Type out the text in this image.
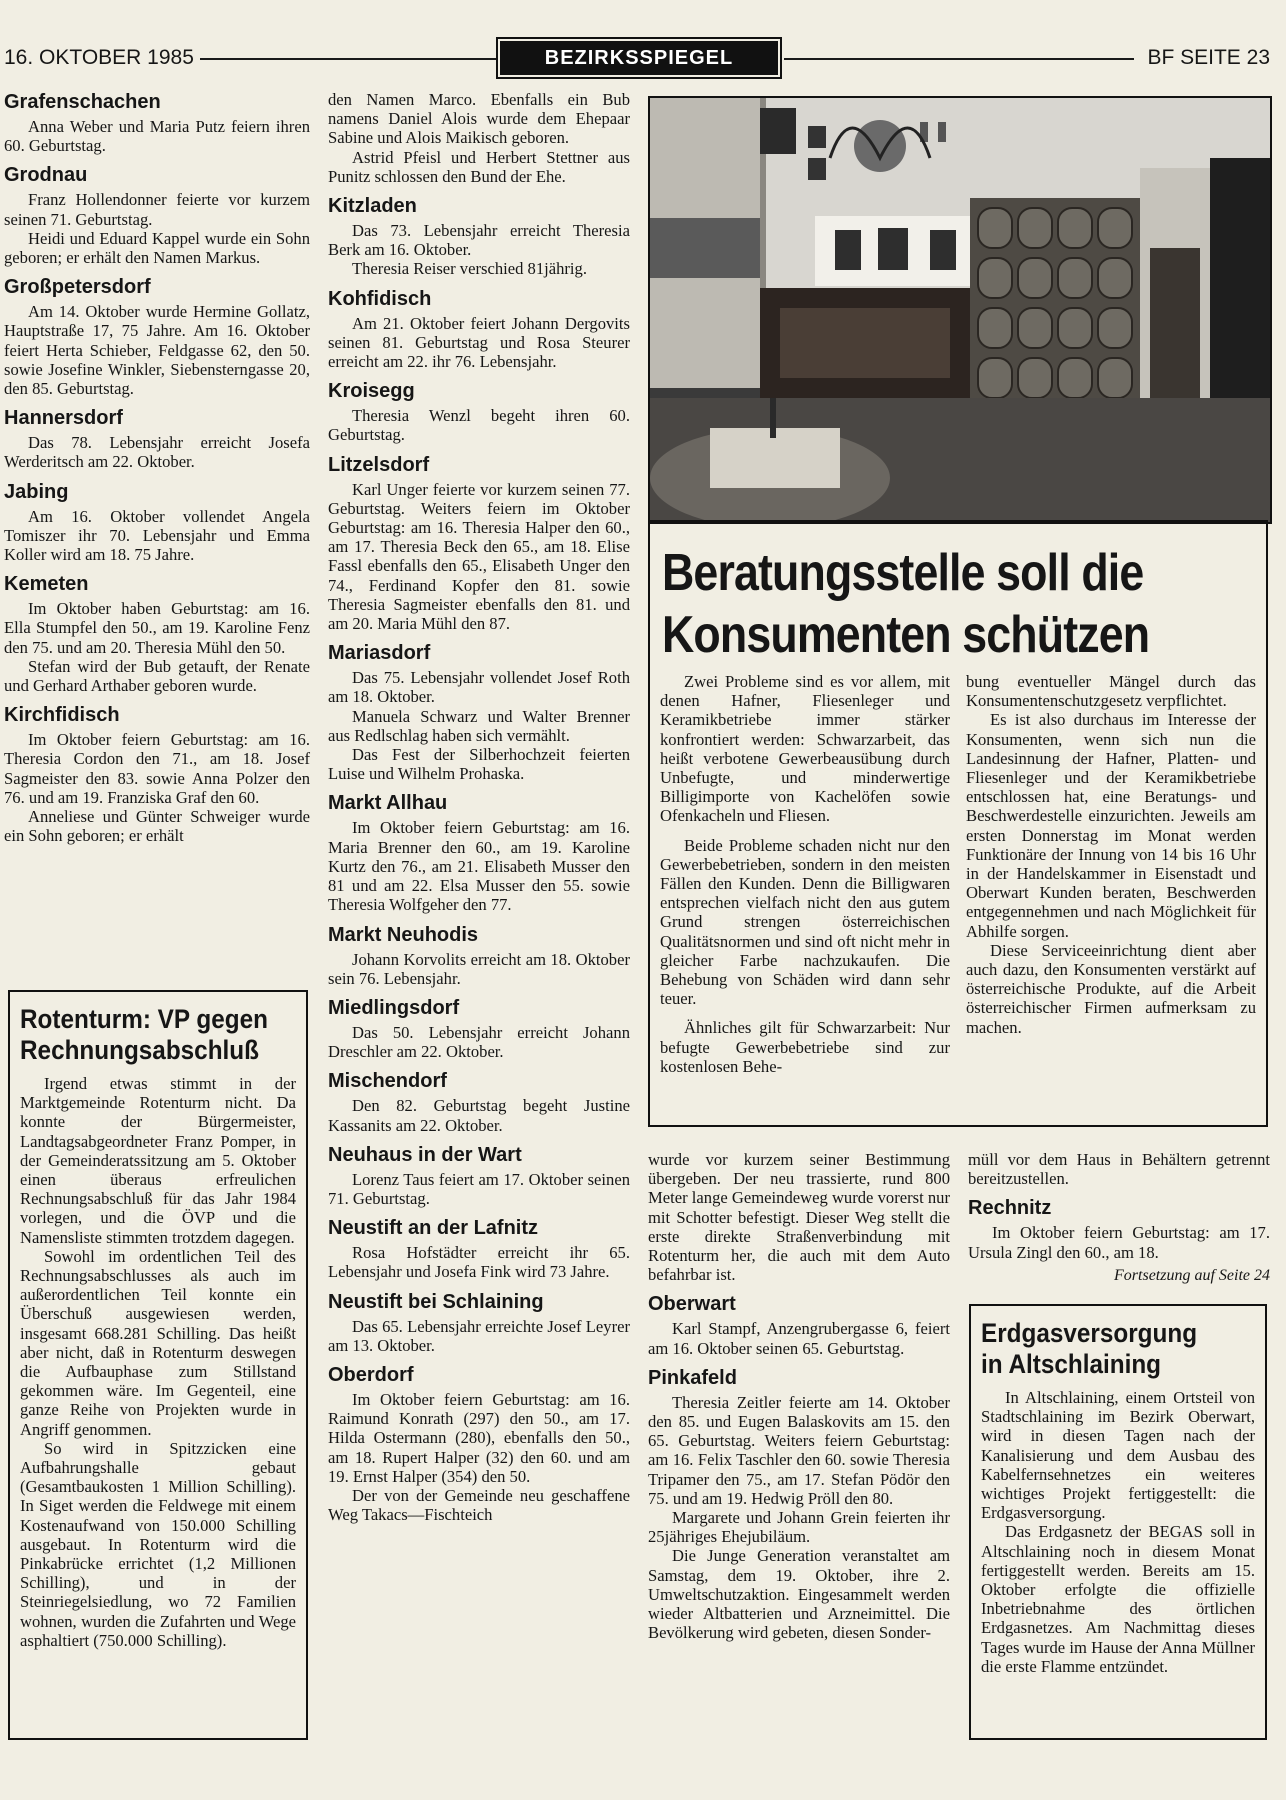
16. OKTOBER 1985	BEZIRKSSPIEGEL	BF SEITE 23
Grafenschachen

Anna Weber und Maria Putz feiern ihren 60. Geburtstag.

Grodnau

Franz Hollendonner feierte vor kurzem seinen 71. Geburtstag.

Heidi und Eduard Kappel wurde ein Sohn geboren; er erhält den Namen Markus.

Großpetersdorf

Am 14. Oktober wurde Hermine Gollatz, Hauptstraße 17, 75 Jahre. Am 16. Oktober feiert Herta Schieber, Feldgasse 62, den 50. sowie Josefine Winkler, Siebensterngasse 20, den 85. Geburtstag.

Hannersdorf

Das 78. Lebensjahr erreicht Josefa Werderitsch am 22. Oktober.

Jabing

Am 16. Oktober vollendet Angela Tomiszer ihr 70. Lebensjahr und Emma Koller wird am 18. 75 Jahre.

Kemeten

Im Oktober haben Geburtstag: am 16. Ella Stumpfel den 50., am 19. Karoline Fenz den 75. und am 20. Theresia Mühl den 50.

Stefan wird der Bub getauft, der Renate und Gerhard Arthaber geboren wurde.

Kirchfidisch

Im Oktober feiern Geburtstag: am 16. Theresia Cordon den 71., am 18. Josef Sagmeister den 83. sowie Anna Polzer den 76. und am 19. Franziska Graf den 60.

Anneliese und Günter Schweiger wurde ein Sohn geboren; er erhält

Rotenturm: VP gegen
Rechnungsabschluß

Irgend etwas stimmt in der Marktgemeinde Rotenturm nicht. Da konnte der Bürgermeister, Landtagsabgeordneter Franz Pomper, in der Gemeinderatssitzung am 5. Oktober einen überaus erfreulichen Rechnungsabschluß für das Jahr 1984 vorlegen, und die ÖVP und die Namensliste stimmten trotzdem dagegen.

Sowohl im ordentlichen Teil des Rechnungsabschlusses als auch im außerordentlichen Teil konnte ein Überschuß ausgewiesen werden, insgesamt 668.281 Schilling. Das heißt aber nicht, daß in Rotenturm deswegen die Aufbauphase zum Stillstand gekommen wäre. Im Gegenteil, eine ganze Reihe von Projekten wurde in Angriff genommen.

So wird in Spitzzicken eine Aufbahrungshalle gebaut (Gesamtbaukosten 1 Million Schilling). In Siget werden die Feldwege mit einem Kostenaufwand von 150.000 Schilling ausgebaut. In Rotenturm wird die Pinkabrücke errichtet (1,2 Millionen Schilling), und in der Steinriegelsiedlung, wo 72 Familien wohnen, wurden die Zufahrten und Wege asphaltiert (750.000 Schilling).

den Namen Marco. Ebenfalls ein Bub namens Daniel Alois wurde dem Ehepaar Sabine und Alois Maikisch geboren.

Astrid Pfeisl und Herbert Stettner aus Punitz schlossen den Bund der Ehe.

Kitzladen

Das 73. Lebensjahr erreicht Theresia Berk am 16. Oktober.

Theresia Reiser verschied 81jährig.

Kohfidisch

Am 21. Oktober feiert Johann Dergovits seinen 81. Geburtstag und Rosa Steurer erreicht am 22. ihr 76. Lebensjahr.

Kroisegg

Theresia Wenzl begeht ihren 60. Geburtstag.

Litzelsdorf

Karl Unger feierte vor kurzem seinen 77. Geburtstag. Weiters feiern im Oktober Geburtstag: am 16. Theresia Halper den 60., am 17. Theresia Beck den 65., am 18. Elise Fassl ebenfalls den 65., Elisabeth Unger den 74., Ferdinand Kopfer den 81. sowie Theresia Sagmeister ebenfalls den 81. und am 20. Maria Mühl den 87.

Mariasdorf

Das 75. Lebensjahr vollendet Josef Roth am 18. Oktober.

Manuela Schwarz und Walter Brenner aus Redlschlag haben sich vermählt.

Das Fest der Silberhochzeit feierten Luise und Wilhelm Prohaska.

Markt Allhau

Im Oktober feiern Geburtstag: am 16. Maria Brenner den 60., am 19. Karoline Kurtz den 76., am 21. Elisabeth Musser den 81 und am 22. Elsa Musser den 55. sowie Theresia Wolfgeher den 77.

Markt Neuhodis

Johann Korvolits erreicht am 18. Oktober sein 76. Lebensjahr.

Miedlingsdorf

Das 50. Lebensjahr erreicht Johann Dreschler am 22. Oktober.

Mischendorf

Den 82. Geburtstag begeht Justine Kassanits am 22. Oktober.

Neuhaus in der Wart

Lorenz Taus feiert am 17. Oktober seinen 71. Geburtstag.

Neustift an der Lafnitz

Rosa Hofstädter erreicht ihr 65. Lebensjahr und Josefa Fink wird 73 Jahre.

Neustift bei Schlaining

Das 65. Lebensjahr erreichte Josef Leyrer am 13. Oktober.

Oberdorf

Im Oktober feiern Geburtstag: am 16. Raimund Konrath (297) den 50., am 17. Hilda Ostermann (280), ebenfalls den 50., am 18. Rupert Halper (32) den 60. und am 19. Ernst Halper (354) den 50.

Der von der Gemeinde neu geschaffene Weg Takacs—Fischteich

Beratungsstelle soll die
Konsumenten schützen

Zwei Probleme sind es vor allem, mit denen Hafner, Fliesenleger und Keramikbetriebe immer stärker konfrontiert werden: Schwarzarbeit, das heißt verbotene Gewerbeausübung durch Unbefugte, und minderwertige Billigimporte von Kachelöfen sowie Ofenkacheln und Fliesen.

Beide Probleme schaden nicht nur den Gewerbebetrieben, sondern in den meisten Fällen den Kunden. Denn die Billigwaren entsprechen vielfach nicht den aus gutem Grund strengen österreichischen Qualitätsnormen und sind oft nicht mehr in gleicher Farbe nachzukaufen. Die Behebung von Schäden wird dann sehr teuer.

Ähnliches gilt für Schwarzarbeit: Nur befugte Gewerbebetriebe sind zur kostenlosen Behe-

bung eventueller Mängel durch das Konsumentenschutzgesetz verpflichtet.

Es ist also durchaus im Interesse der Konsumenten, wenn sich nun die Landesinnung der Hafner, Platten- und Fliesenleger und der Keramikbetriebe entschlossen hat, eine Beratungs- und Beschwerdestelle einzurichten. Jeweils am ersten Donnerstag im Monat werden Funktionäre der Innung von 14 bis 16 Uhr in der Handelskammer in Eisenstadt und Oberwart Kunden beraten, Beschwerden entgegennehmen und nach Möglichkeit für Abhilfe sorgen.

Diese Serviceeinrichtung dient aber auch dazu, den Konsumenten verstärkt auf österreichische Produkte, auf die Arbeit österreichischer Firmen aufmerksam zu machen.

wurde vor kurzem seiner Bestimmung übergeben. Der neu trassierte, rund 800 Meter lange Gemeindeweg wurde vorerst nur mit Schotter befestigt. Dieser Weg stellt die erste direkte Straßenverbindung mit Rotenturm her, die auch mit dem Auto befahrbar ist.

Oberwart

Karl Stampf, Anzengrubergasse 6, feiert am 16. Oktober seinen 65. Geburtstag.

Pinkafeld

Theresia Zeitler feierte am 14. Oktober den 85. und Eugen Balaskovits am 15. den 65. Geburtstag. Weiters feiern Geburtstag: am 16. Felix Taschler den 60. sowie Theresia Tripamer den 75., am 17. Stefan Pödör den 75. und am 19. Hedwig Pröll den 80.

Margarete und Johann Grein feierten ihr 25jähriges Ehejubiläum.

Die Junge Generation veranstaltet am Samstag, dem 19. Oktober, ihre 2. Umweltschutzaktion. Eingesammelt werden wieder Altbatterien und Arzneimittel. Die Bevölkerung wird gebeten, diesen Sonder-

müll vor dem Haus in Behältern getrennt bereitzustellen.

Rechnitz

Im Oktober feiern Geburtstag: am 17. Ursula Zingl den 60., am 18.

Fortsetzung auf Seite 24
Erdgasversorgung
in Altschlaining

In Altschlaining, einem Ortsteil von Stadtschlaining im Bezirk Oberwart, wird in diesen Tagen nach der Kanalisierung und dem Ausbau des Kabelfernsehnetzes ein weiteres wichtiges Projekt fertiggestellt: die Erdgasversorgung.

Das Erdgasnetz der BEGAS soll in Altschlaining noch in diesem Monat fertiggestellt werden. Bereits am 15. Oktober erfolgte die offizielle Inbetriebnahme des örtlichen Erdgasnetzes. Am Nachmittag dieses Tages wurde im Hause der Anna Müllner die erste Flamme entzündet.
